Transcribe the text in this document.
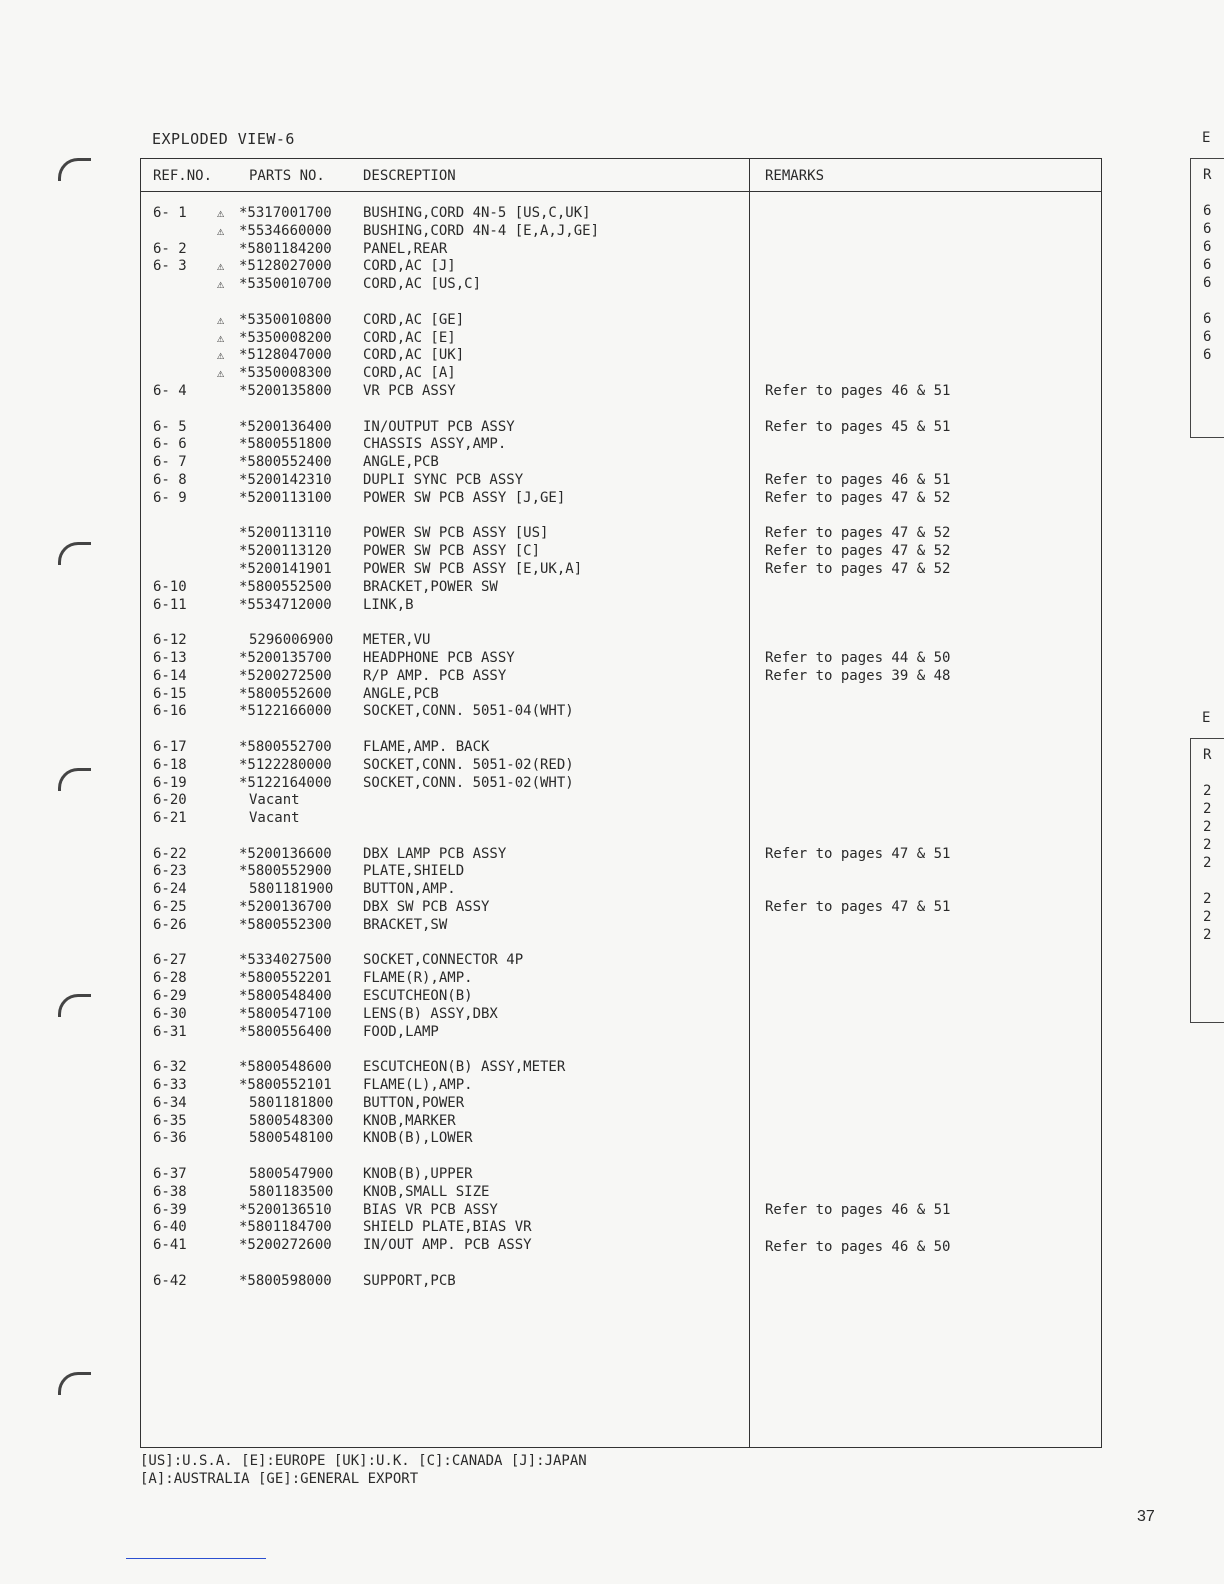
EXPLODED VIEW-6
REF.NO.	PARTS NO.	DESCREPTION	REMARKS
6- 1	⚠ *5317001700 BUSHING,CORD 4N-5 [US,C,UK]
⚠ *5534660000 BUSHING,CORD 4N-4 [E,A,J,GE]
6- 2	*5801184200 PANEL,REAR
6- 3	⚠ *5128027000 CORD,AC [J]
⚠ *5350010700 CORD,AC [US,C]
⚠ *5350010800 CORD,AC [GE]
⚠ *5350008200 CORD,AC [E]
⚠ *5128047000 CORD,AC [UK]
⚠ *5350008300 CORD,AC [A]
6- 4	*5200135800 VR PCB ASSY	Refer to pages 46 & 51
6- 5	*5200136400 IN/OUTPUT PCB ASSY	Refer to pages 45 & 51
6- 6	*5800551800 CHASSIS ASSY,AMP.
6- 7	*5800552400 ANGLE,PCB
6- 8	*5200142310 DUPLI SYNC PCB ASSY	Refer to pages 46 & 51
6- 9	*5200113100 POWER SW PCB ASSY [J,GE]	Refer to pages 47 & 52
*5200113110 POWER SW PCB ASSY [US]	Refer to pages 47 & 52
*5200113120 POWER SW PCB ASSY [C]	Refer to pages 47 & 52
*5200141901 POWER SW PCB ASSY [E,UK,A]	Refer to pages 47 & 52
6-10	*5800552500 BRACKET,POWER SW
6-11	*5534712000 LINK,B
6-12	5296006900 METER,VU
6-13	*5200135700 HEADPHONE PCB ASSY	Refer to pages 44 & 50
6-14	*5200272500 R/P AMP. PCB ASSY	Refer to pages 39 & 48
6-15	*5800552600 ANGLE,PCB
6-16	*5122166000 SOCKET,CONN. 5051-04(WHT)
6-17	*5800552700 FLAME,AMP. BACK
6-18	*5122280000 SOCKET,CONN. 5051-02(RED)
6-19	*5122164000 SOCKET,CONN. 5051-02(WHT)
6-20	Vacant
6-21	Vacant
6-22	*5200136600 DBX LAMP PCB ASSY	Refer to pages 47 & 51
6-23	*5800552900 PLATE,SHIELD
6-24	5801181900 BUTTON,AMP.
6-25	*5200136700 DBX SW PCB ASSY	Refer to pages 47 & 51
6-26	*5800552300 BRACKET,SW
6-27	*5334027500 SOCKET,CONNECTOR 4P
6-28	*5800552201 FLAME(R),AMP.
6-29	*5800548400 ESCUTCHEON(B)
6-30	*5800547100 LENS(B) ASSY,DBX
6-31	*5800556400 FOOD,LAMP
6-32	*5800548600 ESCUTCHEON(B) ASSY,METER
6-33	*5800552101 FLAME(L),AMP.
6-34	5801181800 BUTTON,POWER
6-35	5800548300 KNOB,MARKER
6-36	5800548100 KNOB(B),LOWER
6-37	5800547900 KNOB(B),UPPER
6-38	5801183500 KNOB,SMALL SIZE
6-39	*5200136510 BIAS VR PCB ASSY	Refer to pages 46 & 51
6-40	*5801184700 SHIELD PLATE,BIAS VR
6-41	*5200272600 IN/OUT AMP. PCB ASSY	Refer to pages 46 & 50
6-42	*5800598000 SUPPORT,PCB
[US]:U.S.A. [E]:EUROPE [UK]:U.K. [C]:CANADA [J]:JAPAN
[A]:AUSTRALIA [GE]:GENERAL EXPORT
37
E
R
6
6
6
6
6
6
6
6
E
R
2
2
2
2
2
2
2
2
